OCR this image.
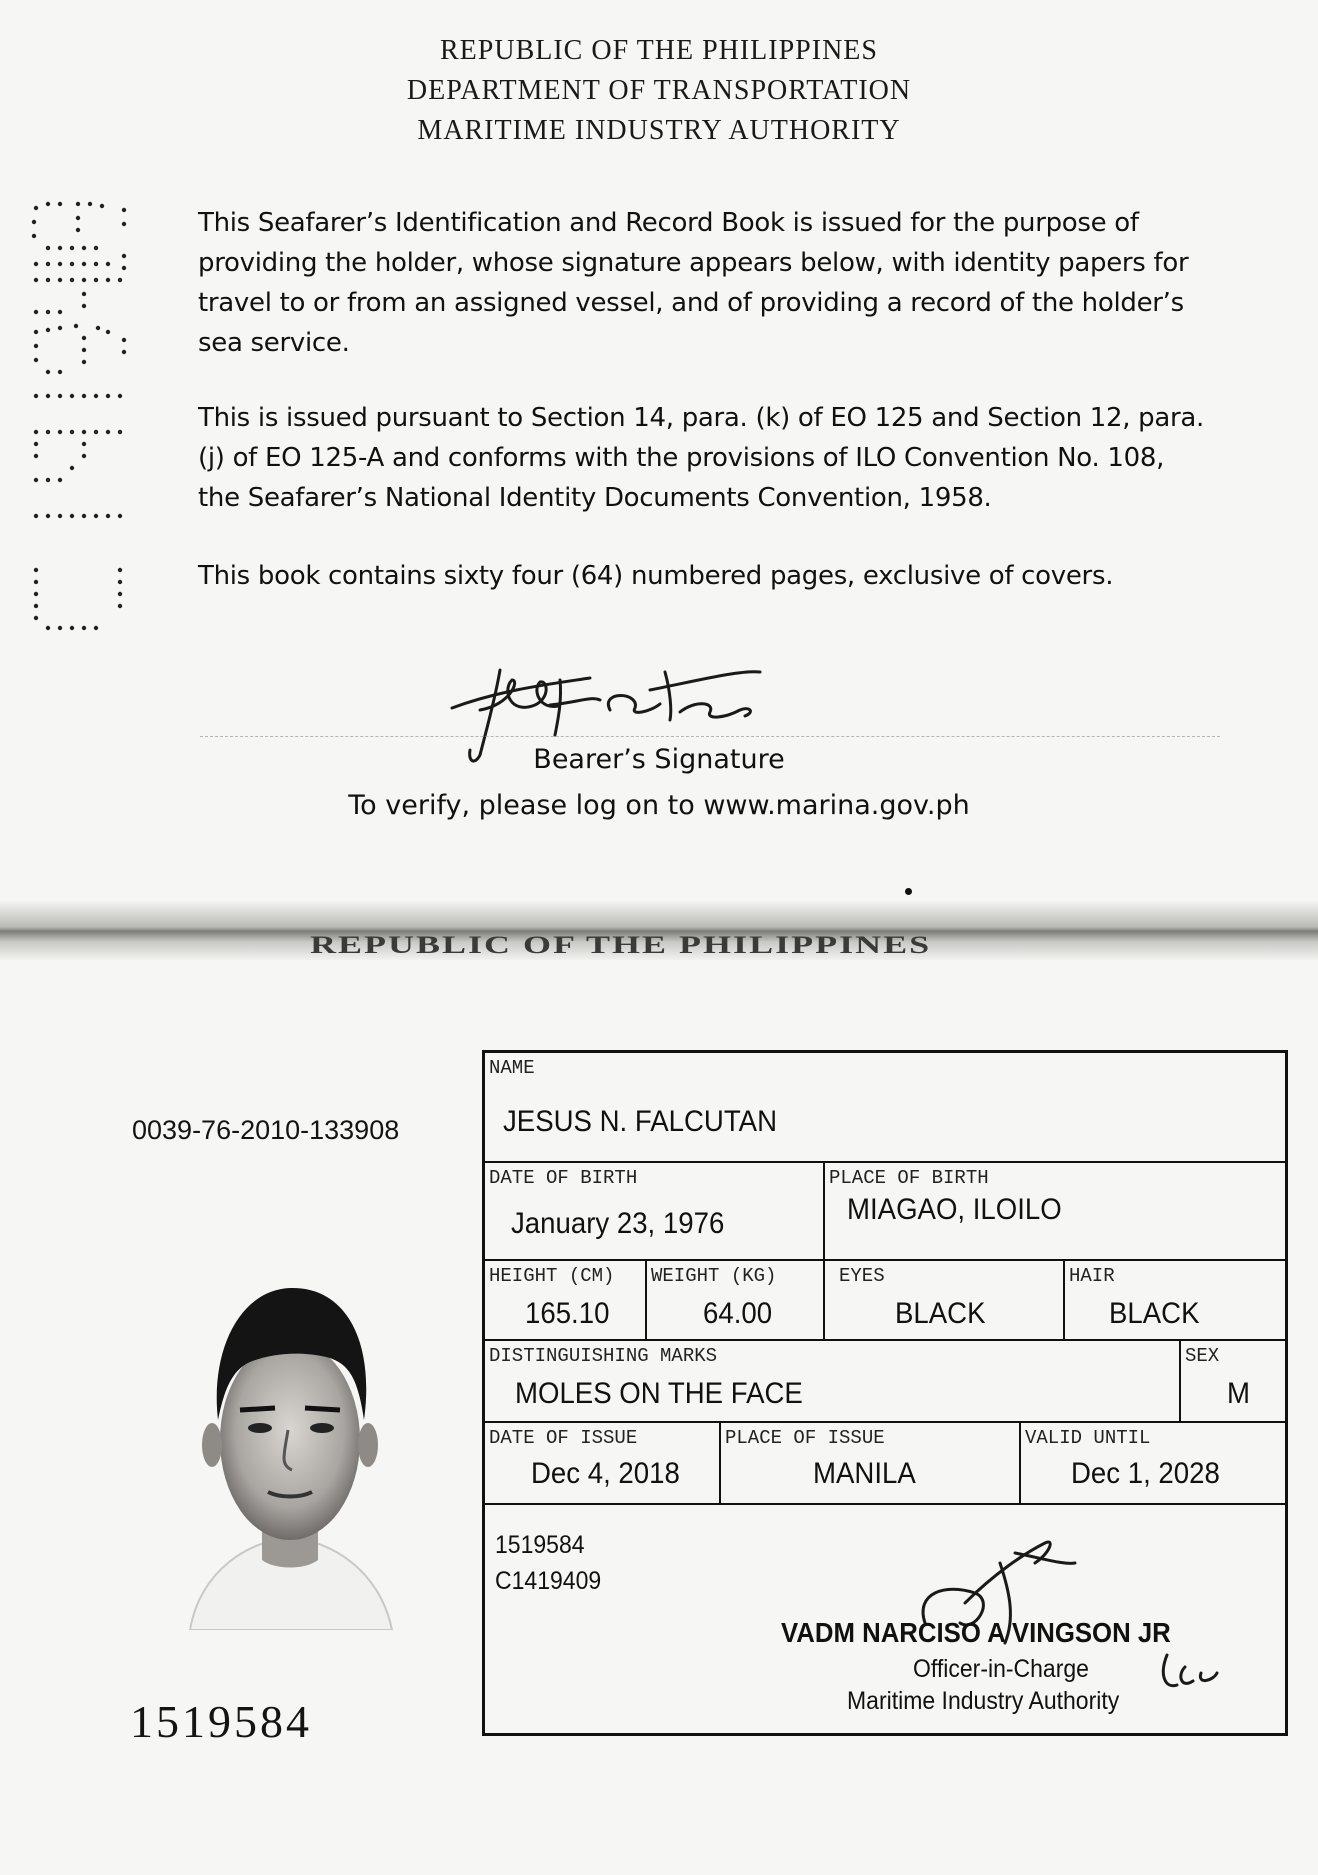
REPUBLIC OF THE PHILIPPINES
DEPARTMENT OF TRANSPORTATION
MARITIME INDUSTRY AUTHORITY
This Seafarer’s Identification and Record Book is issued for the purpose of
providing the holder, whose signature appears below, with identity papers for
travel to or from an assigned vessel, and of providing a record of the holder’s
sea service.
This is issued pursuant to Section 14, para. (k) of EO 125 and Section 12, para.
(j) of EO 125-A and conforms with the provisions of ILO Convention No. 108,
the Seafarer’s National Identity Documents Convention, 1958.
This book contains sixty four (64) numbered pages, exclusive of covers.
Bearer’s Signature
To verify, please log on to www.marina.gov.ph
REPUBLIC OF THE PHILIPPINES
0039-76-2010-133908
1519584
NAME
JESUS N. FALCUTAN
DATE OF BIRTH
January 23, 1976
PLACE OF BIRTH
MIAGAO, ILOILO
HEIGHT (CM)
165.10
WEIGHT (KG)
64.00
EYES
BLACK
HAIR
BLACK
DISTINGUISHING MARKS
MOLES ON THE FACE
SEX
M
DATE OF ISSUE
Dec 4, 2018
PLACE OF ISSUE
MANILA
VALID UNTIL
Dec 1, 2028
1519584
C1419409
VADM NARCISO A VINGSON JR
Officer-in-Charge
Maritime Industry Authority
